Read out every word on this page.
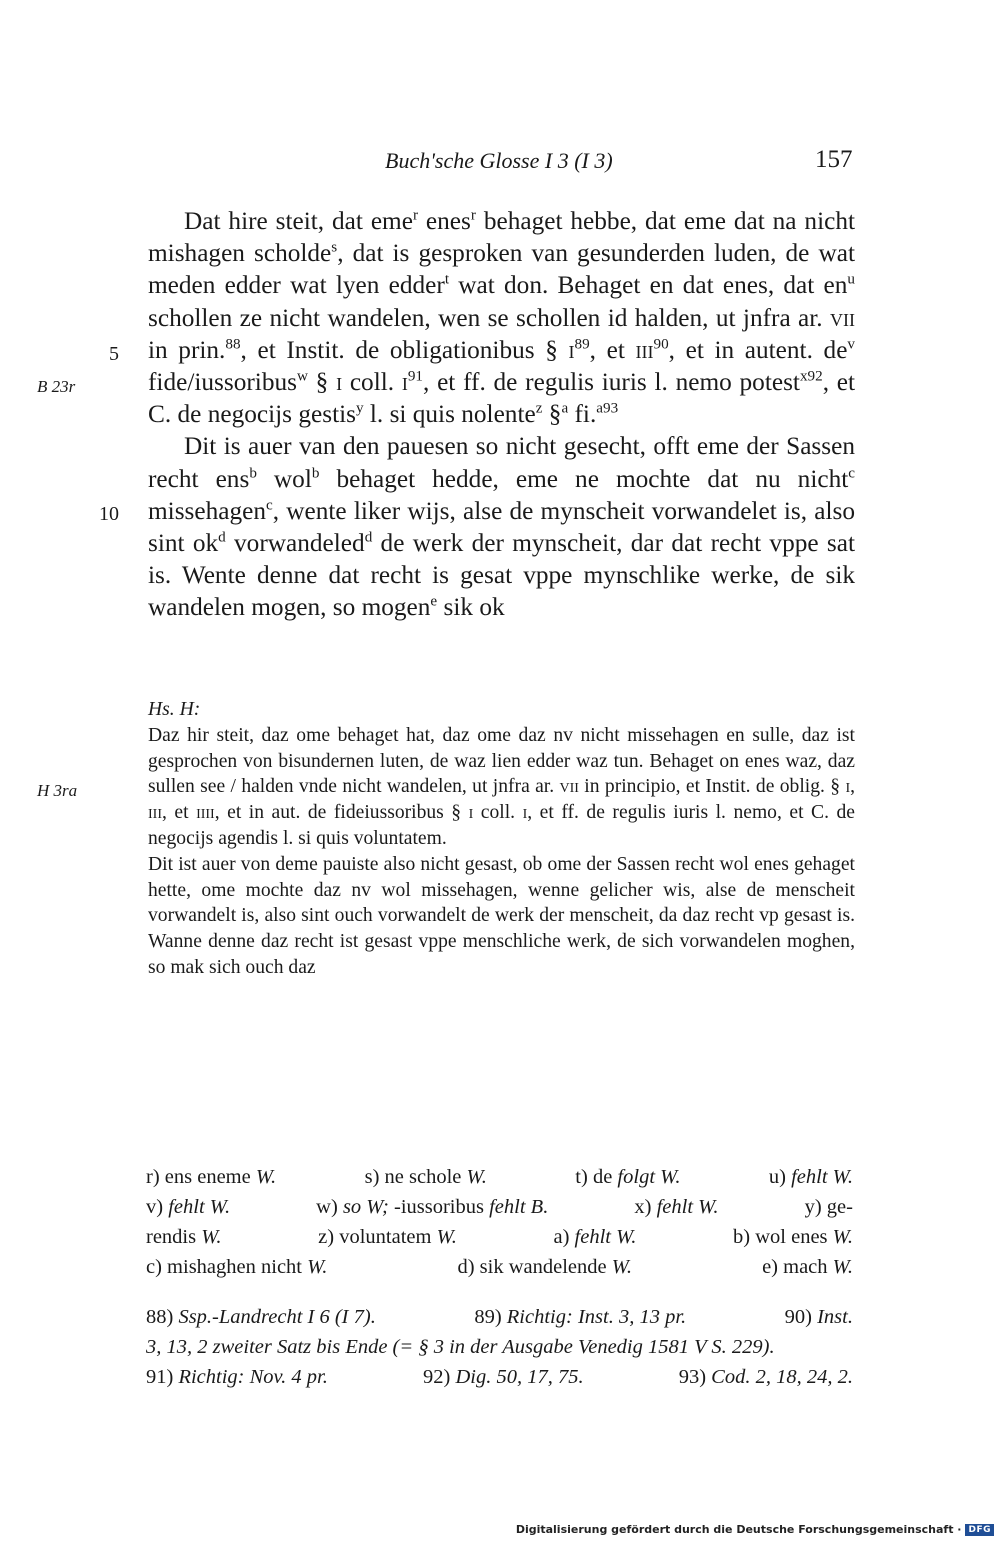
Buch'sche Glosse I 3 (I 3)	157
5
B 23r
10
H 3ra

Dat hire steit, dat eme$^r$ enes$^r$ behaget hebbe, dat eme dat na nicht mishagen scholde$^s$, dat is gesproken van gesunderden luden, de wat meden edder wat lyen edder$^t$ wat don. Behaget en dat enes, dat $en^u$ schollen ze nicht wandelen, wen se schollen id halden, ut jnfra ar. vii in prin.$^{88}$, et Instit. de obligationibus § $i^{89}$, et iii$^{90}$, et in autent. $de^v$ fide/iussoribus$^w$ § i coll. $i^{91}$, et ff. de regulis iuris l. nemo potest$^{x92}$, et C. de negocijs gestis$^y$ l. si quis nolente$^z$ §$^a$ fi.$^{a93}$

Dit is auer van den pauesen so nicht gesecht, offt eme der Sassen recht ens$^b$ wol$^b$ behaget hedde, eme ne mochte dat nu nicht$^c$ missehagen$^c$, wente liker wijs, alse de mynscheit vorwandelet is, also sint $ok^d$ vorwandeled$^d$ de werk der mynscheit, dar dat recht vppe sat is. Wente denne dat recht is gesat vppe mynschlike werke, de sik wandelen mogen, so mogen$^e$ sik ok

Hs. H:

Daz hir steit, daz ome behaget hat, daz ome daz nv nicht missehagen en sulle, daz ist gesprochen von bisundernen luten, de waz lien edder waz tun. Behaget on enes waz, daz sullen see / halden vnde nicht wandelen, ut jnfra ar. vii in principio, et Instit. de oblig. § i, iii, et iiii, et in aut. de fideiussoribus § i coll. i, et ff. de regulis iuris l. nemo, et C. de negocijs agendis l. si quis voluntatem.

Dit ist auer von deme pauiste also nicht gesast, ob ome der Sassen recht wol enes gehaget hette, ome mochte daz nv wol missehagen, wenne gelicher wis, alse de menscheit vorwandelt is, also sint ouch vorwandelt de werk der menscheit, da daz recht vp gesast is. Wanne denne daz recht ist gesast vppe menschliche werk, de sich vorwandelen moghen, so mak sich ouch daz

r) ens eneme W.	s) ne schole W.	t) de folgt W.	u) fehlt W.
v) fehlt W.	w) so W; -iussoribus fehlt B.	x) fehlt W.	y) ge-
rendis W.	z) voluntatem W.	a) fehlt W.	b) wol enes W.
c) mishaghen nicht W.	d) sik wandelende W.	e) mach W.
88) Ssp.-Landrecht I 6 (I 7).	89) Richtig: Inst. 3, 13 pr.	90) Inst.
3, 13, 2 zweiter Satz bis Ende (= § 3 in der Ausgabe Venedig 1581 V S. 229).
91) Richtig: Nov. 4 pr.	92) Dig. 50, 17, 75.	93) Cod. 2, 18, 24, 2.
Digitalisierung gefördert durch die Deutsche Forschungsgemeinschaft · DFG
